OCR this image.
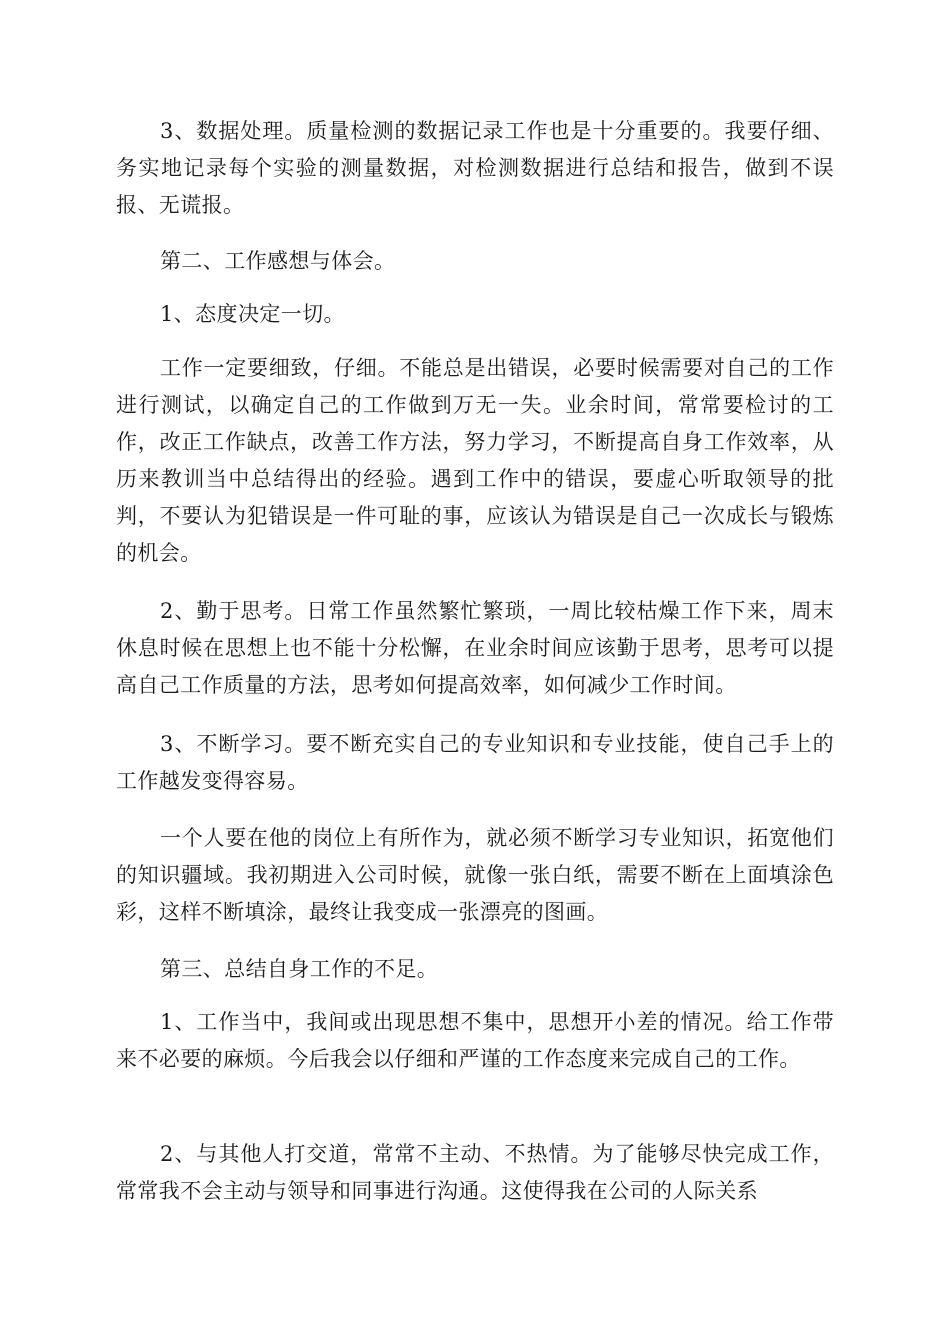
3、数据处理。质量检测的数据记录工作也是十分重要的。我要仔细、务实地记录每个实验的测量数据，对检测数据进行总结和报告，做到不误报、无谎报。

第二、工作感想与体会。

1、态度决定一切。

工作一定要细致，仔细。不能总是出错误，必要时候需要对自己的工作进行测试，以确定自己的工作做到万无一失。业余时间，常常要检讨的工作，改正工作缺点，改善工作方法，努力学习，不断提高自身工作效率，从历来教训当中总结得出的经验。遇到工作中的错误，要虚心听取领导的批判，不要认为犯错误是一件可耻的事，应该认为错误是自己一次成长与锻炼的机会。

2、勤于思考。日常工作虽然繁忙繁琐，一周比较枯燥工作下来，周末休息时候在思想上也不能十分松懈，在业余时间应该勤于思考，思考可以提高自己工作质量的方法，思考如何提高效率，如何减少工作时间。

3、不断学习。要不断充实自己的专业知识和专业技能，使自己手上的工作越发变得容易。

一个人要在他的岗位上有所作为，就必须不断学习专业知识，拓宽他们的知识疆域。我初期进入公司时候，就像一张白纸，需要不断在上面填涂色彩，这样不断填涂，最终让我变成一张漂亮的图画。

第三、总结自身工作的不足。

1、工作当中，我间或出现思想不集中，思想开小差的情况。给工作带来不必要的麻烦。今后我会以仔细和严谨的工作态度来完成自己的工作。

2、与其他人打交道，常常不主动、不热情。为了能够尽快完成工作，常常我不会主动与领导和同事进行沟通。这使得我在公司的人际关系
